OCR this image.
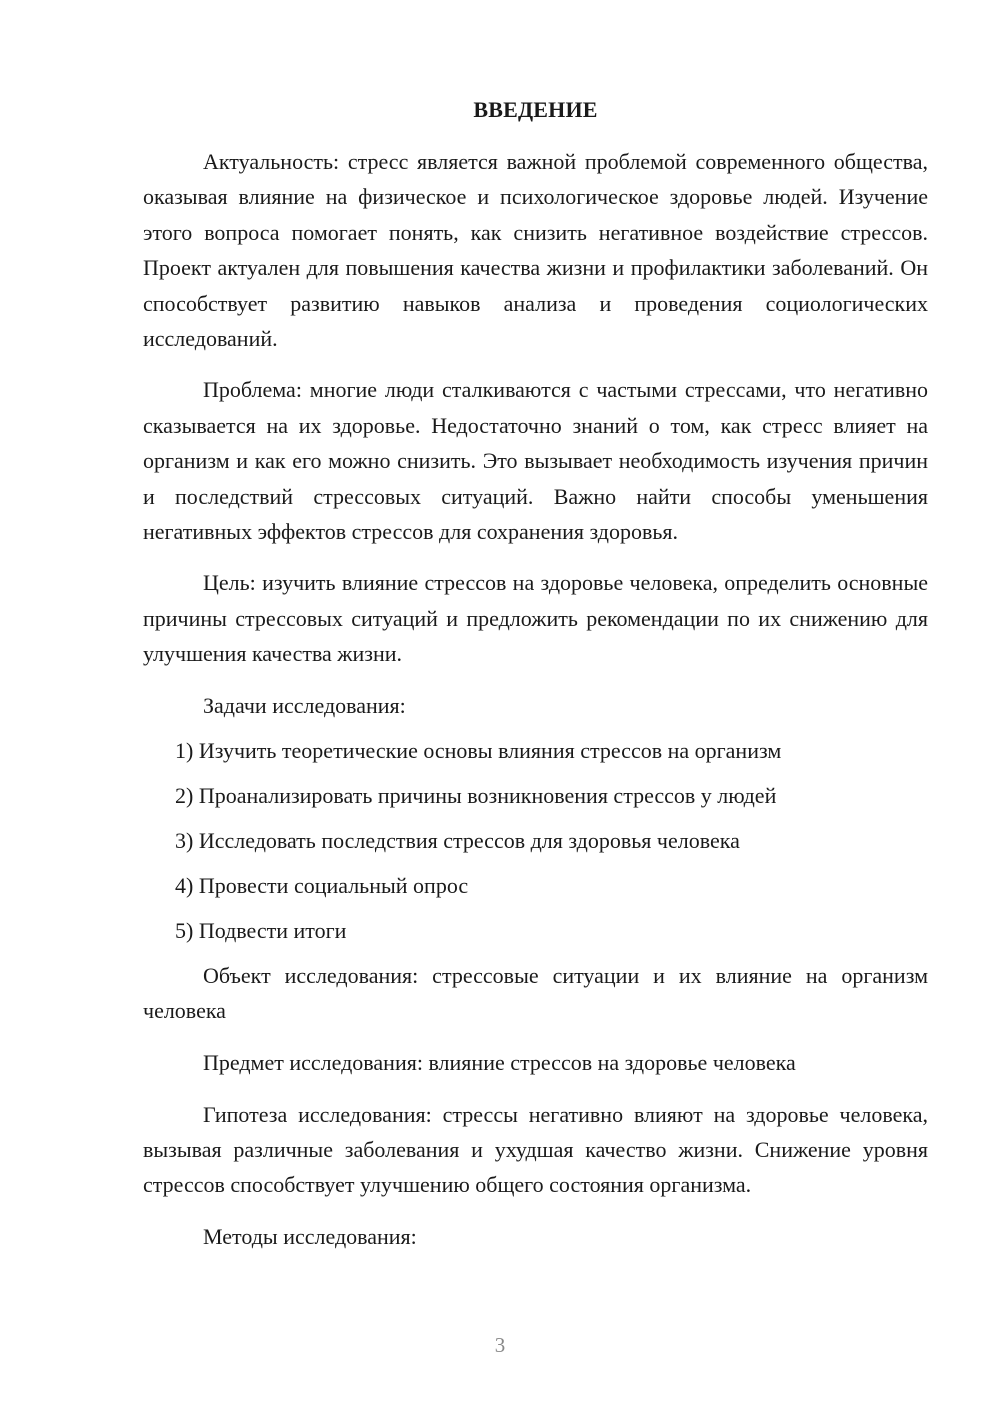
ВВЕДЕНИЕ

Актуальность: стресс является важной проблемой современного общества, оказывая влияние на физическое и психологическое здоровье людей. Изучение этого вопроса помогает понять, как снизить негативное воздействие стрессов. Проект актуален для повышения качества жизни и профилактики заболеваний. Он способствует развитию навыков анализа и проведения социологических исследований.

Проблема: многие люди сталкиваются с частыми стрессами, что негативно сказывается на их здоровье. Недостаточно знаний о том, как стресс влияет на организм и как его можно снизить. Это вызывает необходимость изучения причин и последствий стрессовых ситуаций. Важно найти способы уменьшения негативных эффектов стрессов для сохранения здоровья.

Цель: изучить влияние стрессов на здоровье человека, определить основные причины стрессовых ситуаций и предложить рекомендации по их снижению для улучшения качества жизни.

Задачи исследования:
1) Изучить теоретические основы влияния стрессов на организм
2) Проанализировать причины возникновения стрессов у людей
3) Исследовать последствия стрессов для здоровья человека
4) Провести социальный опрос
5) Подвести итоги

Объект исследования: стрессовые ситуации и их влияние на организм человека

Предмет исследования: влияние стрессов на здоровье человека

Гипотеза исследования: стрессы негативно влияют на здоровье человека, вызывая различные заболевания и ухудшая качество жизни. Снижение уровня стрессов способствует улучшению общего состояния организма.

Методы исследования:
3
